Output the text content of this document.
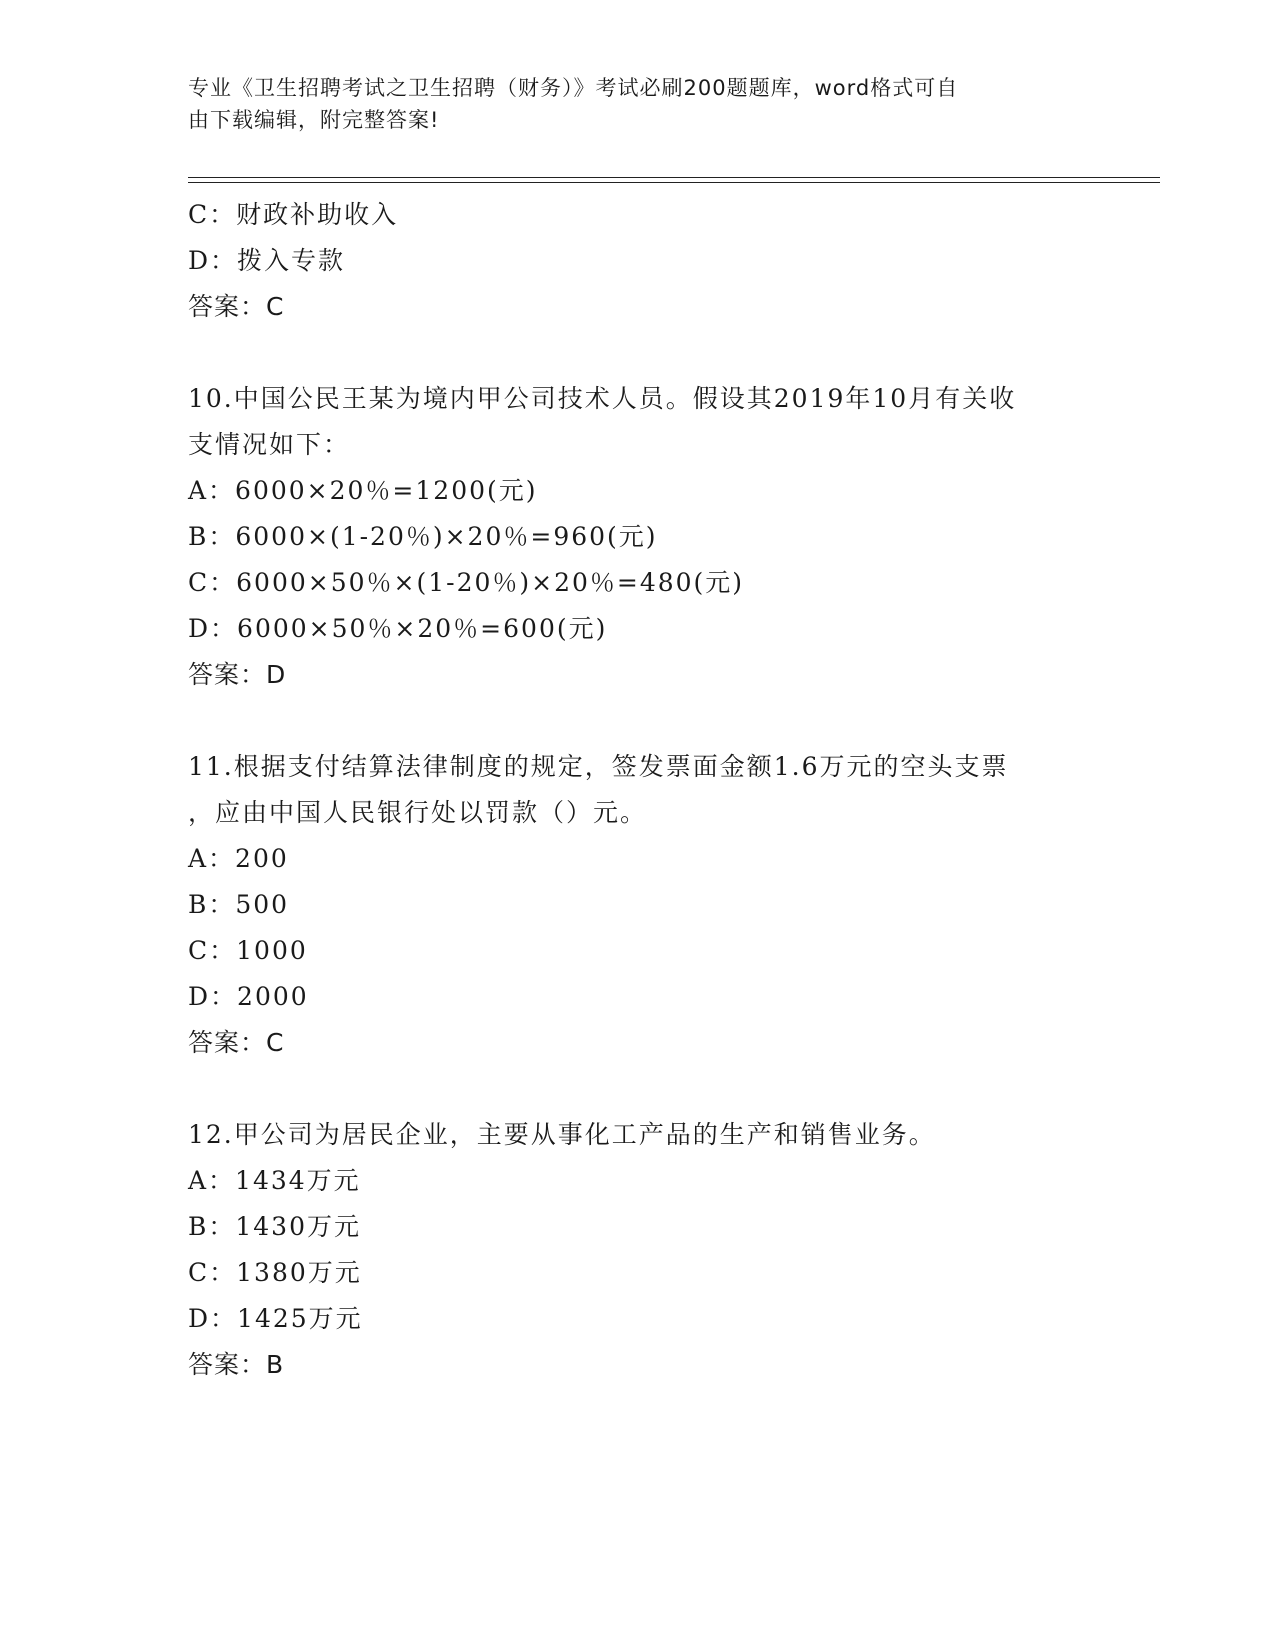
专业《卫生招聘考试之卫生招聘（财务）》考试必刷200题题库，word格式可自
由下载编辑，附完整答案!
C：财政补助收入
D：拨入专款
答案：C
10.中国公民王某为境内甲公司技术人员。假设其2019年10月有关收
支情况如下：
A：6000×20％=1200(元)
B：6000×(1-20％)×20％=960(元)
C：6000×50％×(1-20％)×20％=480(元)
D：6000×50％×20％=600(元)
答案：D
11.根据支付结算法律制度的规定，签发票面金额1.6万元的空头支票
，应由中国人民银行处以罚款（）元。
A：200
B：500
C：1000
D：2000
答案：C
12.甲公司为居民企业，主要从事化工产品的生产和销售业务。
A：1434万元
B：1430万元
C：1380万元
D：1425万元
答案：B
